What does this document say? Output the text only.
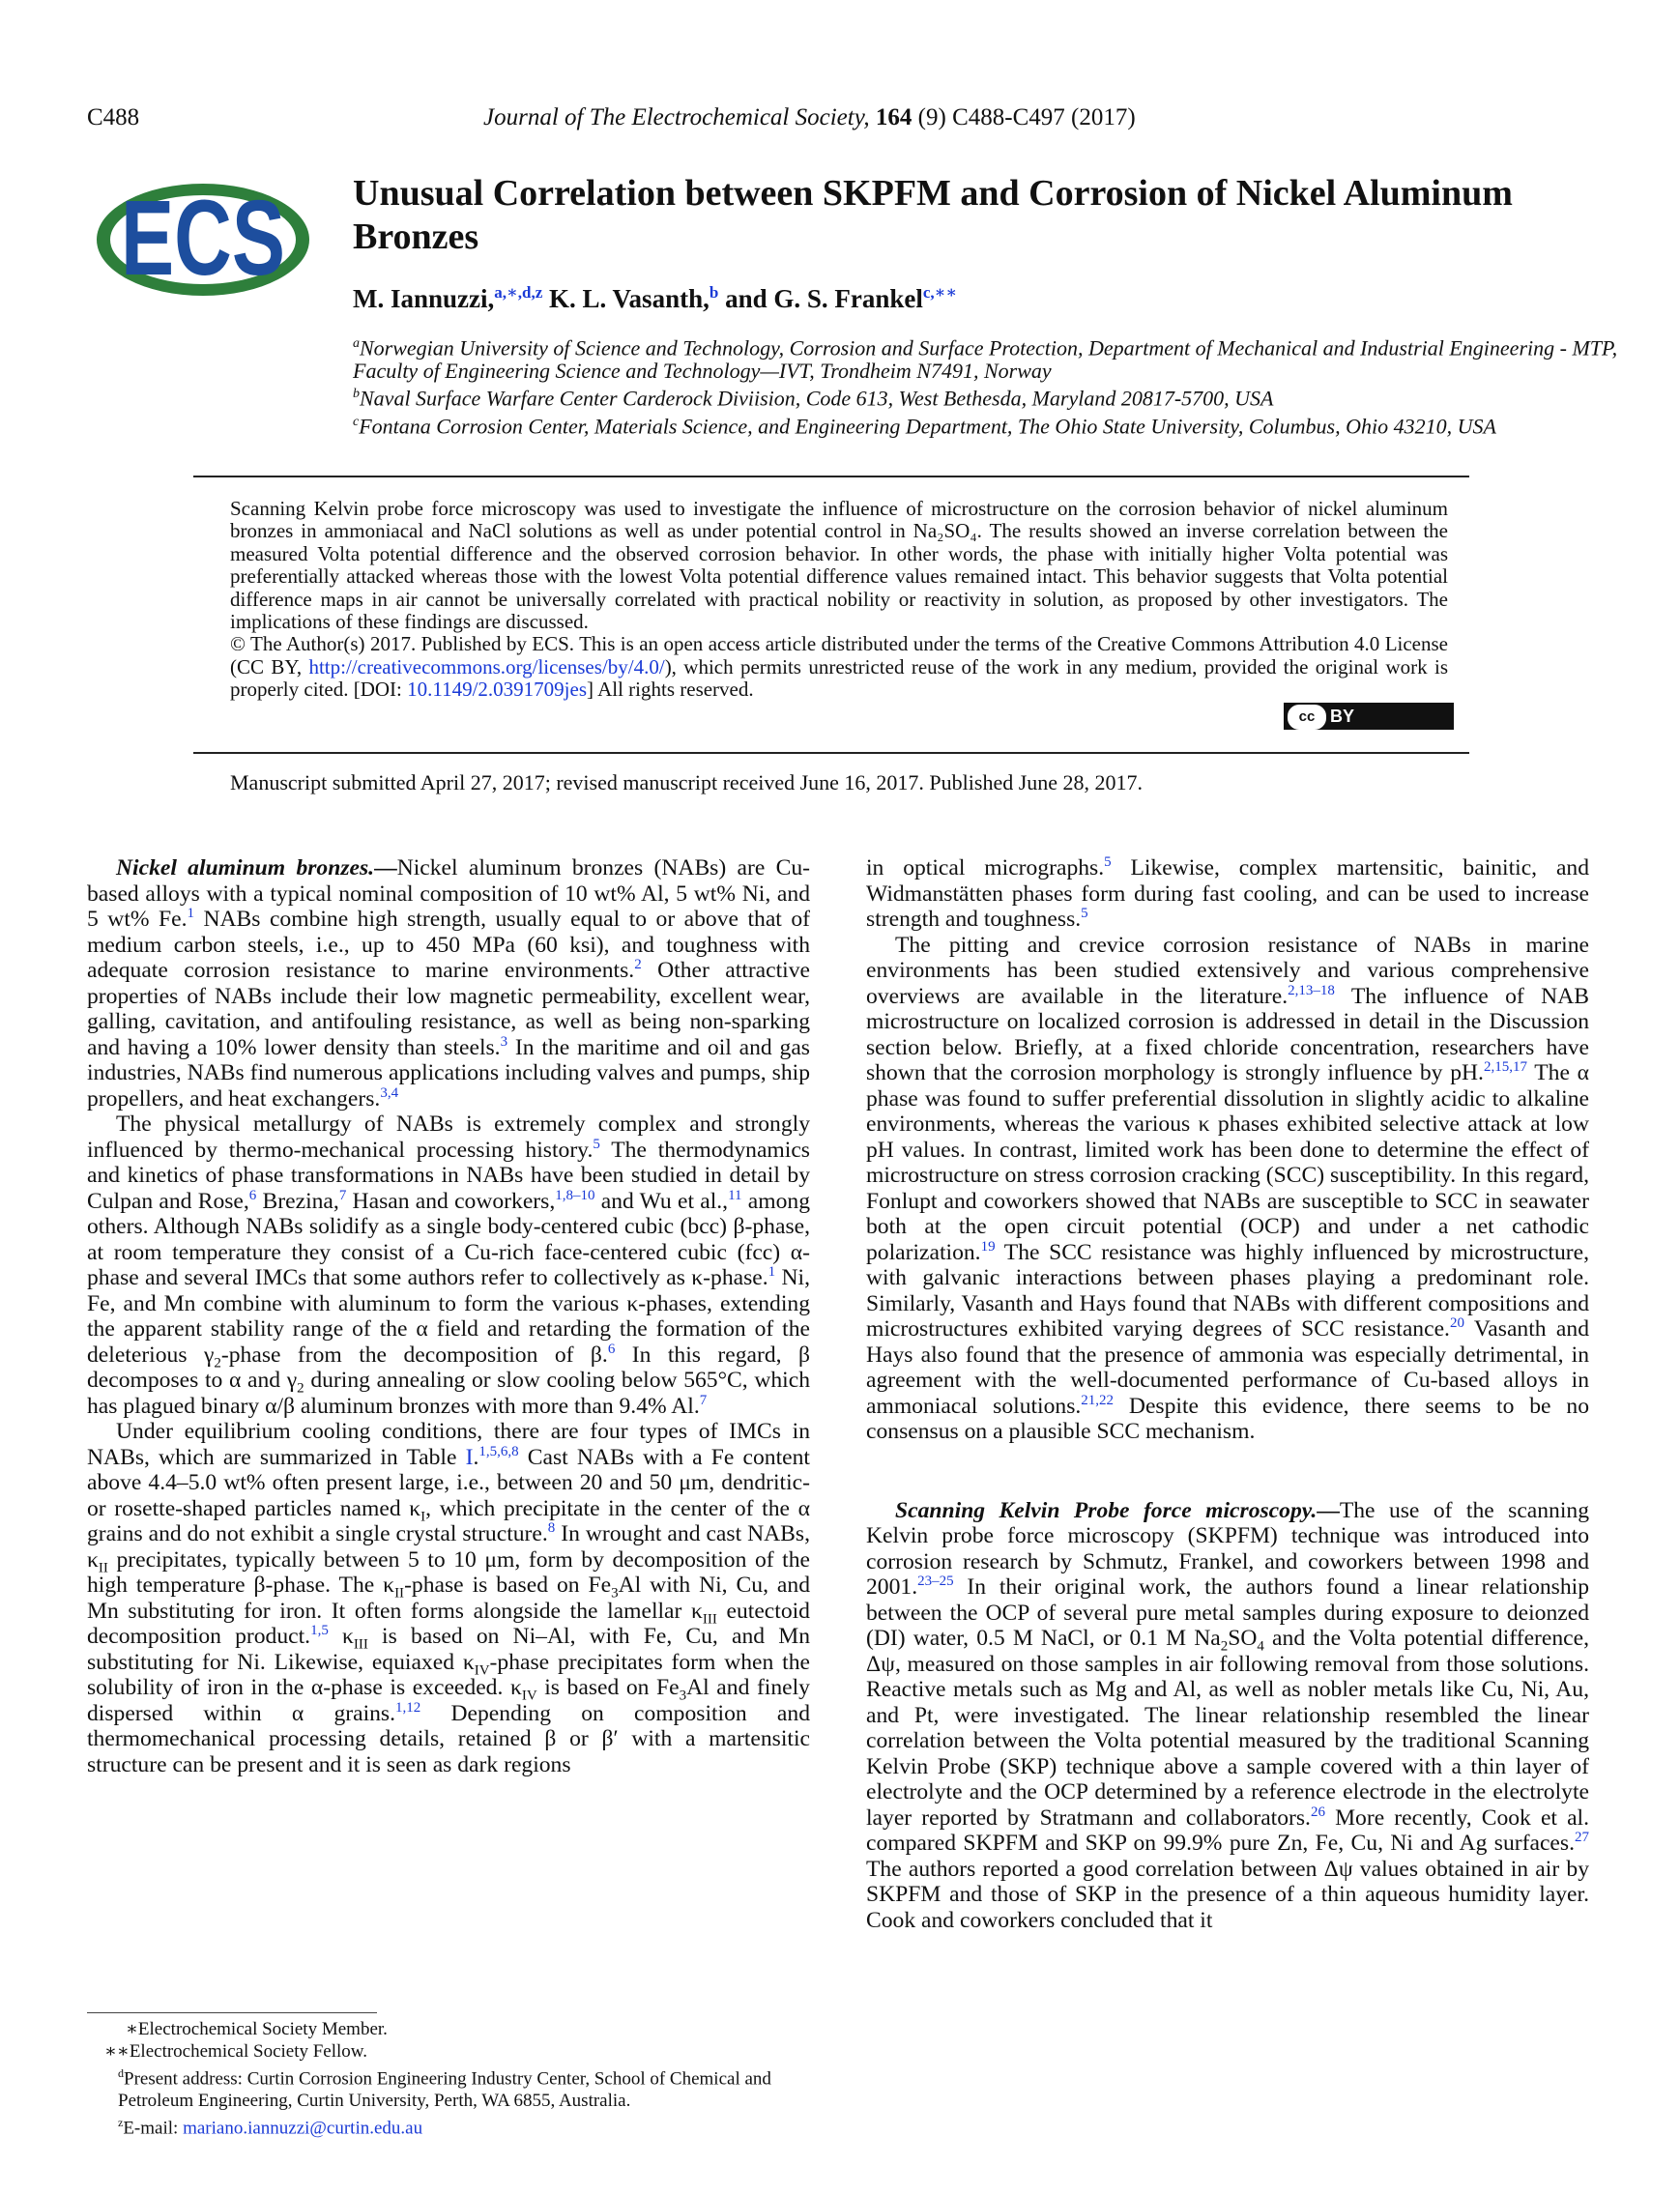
C488	Journal of The Electrochemical Society, 164 (9) C488-C497 (2017)
ECS Unusual Correlation between SKPFM and Corrosion of Nickel Aluminum Bronzes
M. Iannuzzi,$^{a,∗,d,z}$ K. L. Vasanth,$^b$ and G. S. Frankel$^{c,∗∗}$
$^a$Norwegian University of Science and Technology, Corrosion and Surface Protection, Department of Mechanical and Industrial Engineering - MTP, Faculty of Engineering Science and Technology—IVT, Trondheim N7491, Norway
$^b$Naval Surface Warfare Center Carderock Diviision, Code 613, West Bethesda, Maryland 20817-5700, USA
$^c$Fontana Corrosion Center, Materials Science, and Engineering Department, The Ohio State University, Columbus, Ohio 43210, USA
Scanning Kelvin probe force microscopy was used to investigate the influence of microstructure on the corrosion behavior of nickel aluminum bronzes in ammoniacal and NaCl solutions as well as under potential control in Na₂SO₄. The results showed an inverse correlation between the measured Volta potential difference and the observed corrosion behavior. In other words, the phase with initially higher Volta potential was preferentially attacked whereas those with the lowest Volta potential difference values remained intact. This behavior suggests that Volta potential difference maps in air cannot be universally correlated with practical nobility or reactivity in solution, as proposed by other investigators. The implications of these findings are discussed.
© The Author(s) 2017. Published by ECS. This is an open access article distributed under the terms of the Creative Commons Attribution 4.0 License (CC BY, http://creativecommons.org/licenses/by/4.0/), which permits unrestricted reuse of the work in any medium, provided the original work is properly cited. [DOI: 10.1149/2.0391709jes] All rights reserved.
cc BY
Manuscript submitted April 27, 2017; revised manuscript received June 16, 2017. Published June 28, 2017.

Nickel aluminum bronzes.—Nickel aluminum bronzes (NABs) are Cu-based alloys with a typical nominal composition of 10 wt% Al, 5 wt% Ni, and 5 wt% Fe.$^1$ NABs combine high strength, usually equal to or above that of medium carbon steels, i.e., up to 450 MPa (60 ksi), and toughness with adequate corrosion resistance to marine environments.$^2$ Other attractive properties of NABs include their low magnetic permeability, excellent wear, galling, cavitation, and antifouling resistance, as well as being non-sparking and having a 10% lower density than steels.$^3$ In the maritime and oil and gas industries, NABs find numerous applications including valves and pumps, ship propellers, and heat exchangers.$^{3,4}$

The physical metallurgy of NABs is extremely complex and strongly influenced by thermo-mechanical processing history.$^5$ The thermodynamics and kinetics of phase transformations in NABs have been studied in detail by Culpan and Rose,$^6$ Brezina,$^7$ Hasan and coworkers,$^{1,8-10}$ and Wu et al.,$^{11}$ among others. Although NABs solidify as a single body-centered cubic (bcc) β-phase, at room temperature they consist of a Cu-rich face-centered cubic (fcc) α-phase and several IMCs that some authors refer to collectively as κ-phase.$^1$ Ni, Fe, and Mn combine with aluminum to form the various κ-phases, extending the apparent stability range of the α field and retarding the formation of the deleterious $\gamma_2$-phase from the decomposition of β.$^6$ In this regard, β decomposes to α and $\gamma_2$ during annealing or slow cooling below 565°C, which has plagued binary α/β aluminum bronzes with more than 9.4% Al.$^7$

Under equilibrium cooling conditions, there are four types of IMCs in NABs, which are summarized in Table I.$^{1,5,6,8}$ Cast NABs with a Fe content above 4.4–5.0 wt% often present large, i.e., between 20 and 50 μm, dendritic- or rosette-shaped particles named $\kappa_I$, which precipitate in the center of the α grains and do not exhibit a single crystal structure.$^8$ In wrought and cast NABs, $\kappa_{II}$ precipitates, typically between 5 to 10 μm, form by decomposition of the high temperature β-phase. The $\kappa_{II}$-phase is based on $Fe_3Al$ with Ni, Cu, and Mn substituting for iron. It often forms alongside the lamellar $\kappa_{III}$ eutectoid decomposition product.$^{1,5}$ $\kappa_{III}$ is based on Ni–Al, with Fe, Cu, and Mn substituting for Ni. Likewise, equiaxed $\kappa_{IV}$-phase precipitates form when the solubility of iron in the α-phase is exceeded. $\kappa_{IV}$ is based on $Fe_3Al$ and finely dispersed within α grains.$^{1,12}$ Depending on composition and thermomechanical processing details, retained β or β′ with a martensitic structure can be present and it is seen as dark regions

∗Electrochemical Society Member.
∗∗Electrochemical Society Fellow.
$^d$Present address: Curtin Corrosion Engineering Industry Center, School of Chemical and Petroleum Engineering, Curtin University, Perth, WA 6855, Australia.
$^z$E-mail: mariano.iannuzzi@curtin.edu.au

in optical micrographs.$^5$ Likewise, complex martensitic, bainitic, and Widmanstätten phases form during fast cooling, and can be used to increase strength and toughness.$^5$

The pitting and crevice corrosion resistance of NABs in marine environments has been studied extensively and various comprehensive overviews are available in the literature.$^{2,13-18}$ The influence of NAB microstructure on localized corrosion is addressed in detail in the Discussion section below. Briefly, at a fixed chloride concentration, researchers have shown that the corrosion morphology is strongly influence by pH.$^{2,15,17}$ The α phase was found to suffer preferential dissolution in slightly acidic to alkaline environments, whereas the various κ phases exhibited selective attack at low pH values. In contrast, limited work has been done to determine the effect of microstructure on stress corrosion cracking (SCC) susceptibility. In this regard, Fonlupt and coworkers showed that NABs are susceptible to SCC in seawater both at the open circuit potential (OCP) and under a net cathodic polarization.$^{19}$ The SCC resistance was highly influenced by microstructure, with galvanic interactions between phases playing a predominant role. Similarly, Vasanth and Hays found that NABs with different compositions and microstructures exhibited varying degrees of SCC resistance.$^{20}$ Vasanth and Hays also found that the presence of ammonia was especially detrimental, in agreement with the well-documented performance of Cu-based alloys in ammoniacal solutions.$^{21,22}$ Despite this evidence, there seems to be no consensus on a plausible SCC mechanism.

Scanning Kelvin Probe force microscopy.—The use of the scanning Kelvin probe force microscopy (SKPFM) technique was introduced into corrosion research by Schmutz, Frankel, and coworkers between 1998 and 2001.$^{23-25}$ In their original work, the authors found a linear relationship between the OCP of several pure metal samples during exposure to deionzed (DI) water, 0.5 M NaCl, or 0.1 M $Na_2SO_4$ and the Volta potential difference, Δψ, measured on those samples in air following removal from those solutions. Reactive metals such as Mg and Al, as well as nobler metals like Cu, Ni, Au, and Pt, were investigated. The linear relationship resembled the linear correlation between the Volta potential measured by the traditional Scanning Kelvin Probe (SKP) technique above a sample covered with a thin layer of electrolyte and the OCP determined by a reference electrode in the electrolyte layer reported by Stratmann and collaborators.$^{26}$ More recently, Cook et al. compared SKPFM and SKP on 99.9% pure Zn, Fe, Cu, Ni and Ag surfaces.$^{27}$ The authors reported a good correlation between Δψ values obtained in air by SKPFM and those of SKP in the presence of a thin aqueous humidity layer. Cook and coworkers concluded that it
